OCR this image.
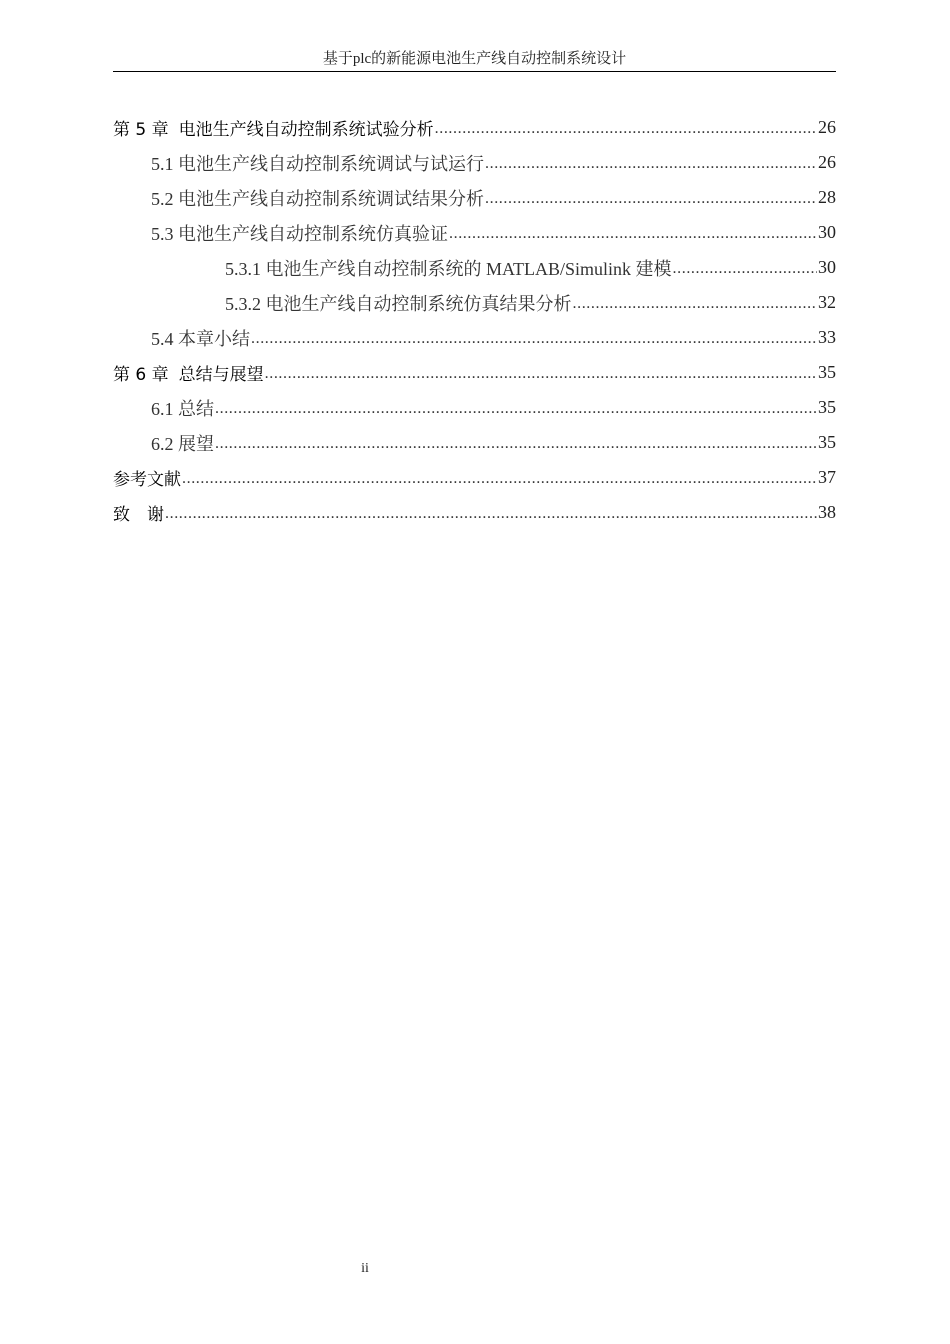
基于plc的新能源电池生产线自动控制系统设计
第 5 章 电池生产线自动控制系统试验分析 .....	26
5.1 电池生产线自动控制系统调试与试运行 .....	26
5.2 电池生产线自动控制系统调试结果分析 .....	28
5.3 电池生产线自动控制系统仿真验证 .....	30
5.3.1 电池生产线自动控制系统的 MATLAB/Simulink 建模 .....	30
5.3.2 电池生产线自动控制系统仿真结果分析 .....	32
5.4 本章小结 .....	33
第 6 章 总结与展望 .....	35
6.1 总结 .....	35
6.2 展望 .....	35
参考文献 .....	37
致　谢 .....	38
ii
